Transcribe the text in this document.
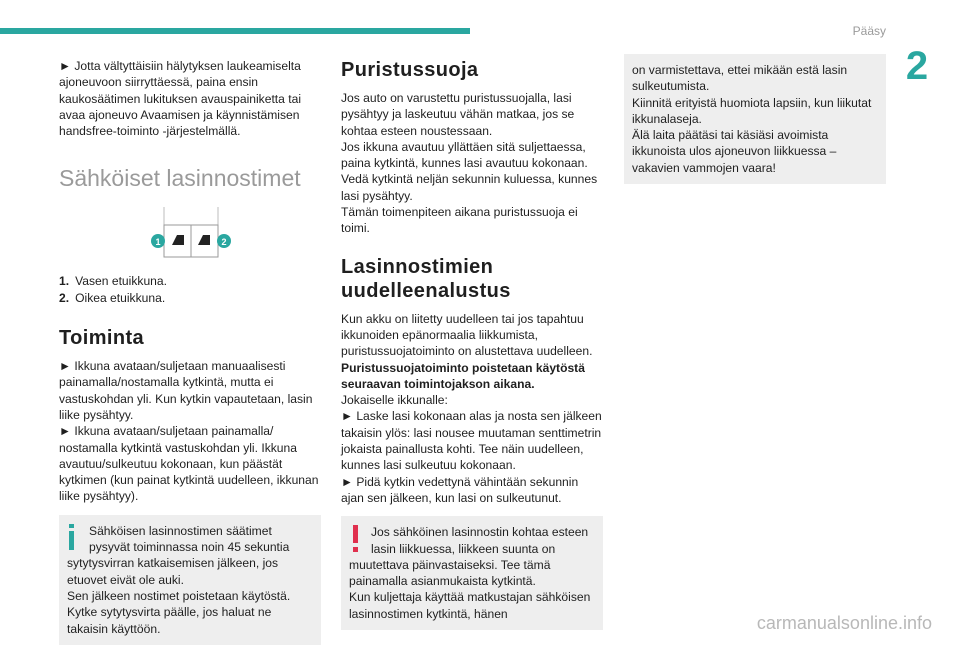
Pääsy
2

► Jotta vältyttäisiin hälytyksen laukeamiselta ajoneuvoon siirryttäessä, paina ensin kaukosäätimen lukituksen avauspainiketta tai avaa ajoneuvo Avaamisen ja käynnistämisen handsfree-toiminto -järjestelmällä.

Sähköiset lasinnostimet
1	2
1. Vasen etuikkuna.
2. Oikea etuikkuna.
Toiminta

► Ikkuna avataan/suljetaan manuaalisesti painamalla/nostamalla kytkintä, mutta ei vastuskohdan yli. Kun kytkin vapautetaan, lasin liike pysähtyy.

► Ikkuna avataan/suljetaan painamalla/ nostamalla kytkintä vastuskohdan yli. Ikkuna avautuu/sulkeutuu kokonaan, kun päästät kytkimen (kun painat kytkintä uudelleen, ikkunan liike pysähtyy).

Sähköisen lasinnostimen säätimet
pysyvät toiminnassa noin 45 sekuntia

sytytysvirran katkaisemisen jälkeen, jos etuovet eivät ole auki.

Sen jälkeen nostimet poistetaan käytöstä. Kytke sytytysvirta päälle, jos haluat ne takaisin käyttöön.

Puristussuoja

Jos auto on varustettu puristussuojalla, lasi pysähtyy ja laskeutuu vähän matkaa, jos se kohtaa esteen noustessaan.

Jos ikkuna avautuu yllättäen sitä suljettaessa, paina kytkintä, kunnes lasi avautuu kokonaan. Vedä kytkintä neljän sekunnin kuluessa, kunnes lasi pysähtyy.

Tämän toimenpiteen aikana puristussuoja ei toimi.

Lasinnostimien uudelleenalustus

Kun akku on liitetty uudelleen tai jos tapahtuu ikkunoiden epänormaalia liikkumista, puristussuojatoiminto on alustettava uudelleen.

Puristussuojatoiminto poistetaan käytöstä seuraavan toimintojakson aikana.

Jokaiselle ikkunalle:

► Laske lasi kokonaan alas ja nosta sen jälkeen takaisin ylös: lasi nousee muutaman senttimetrin jokaista painallusta kohti. Tee näin uudelleen, kunnes lasi sulkeutuu kokonaan.

► Pidä kytkin vedettynä vähintään sekunnin ajan sen jälkeen, kun lasi on sulkeutunut.

Jos sähköinen lasinnostin kohtaa esteen
lasin liikkuessa, liikkeen suunta on

muutettava päinvastaiseksi. Tee tämä painamalla asianmukaista kytkintä.

Kun kuljettaja käyttää matkustajan sähköisen lasinnostimen kytkintä, hänen

on varmistettava, ettei mikään estä lasin sulkeutumista.

Kiinnitä erityistä huomiota lapsiin, kun liikutat ikkunalaseja.

Älä laita päätäsi tai käsiäsi avoimista ikkunoista ulos ajoneuvon liikkuessa – vakavien vammojen vaara!

carmanualsonline.info
